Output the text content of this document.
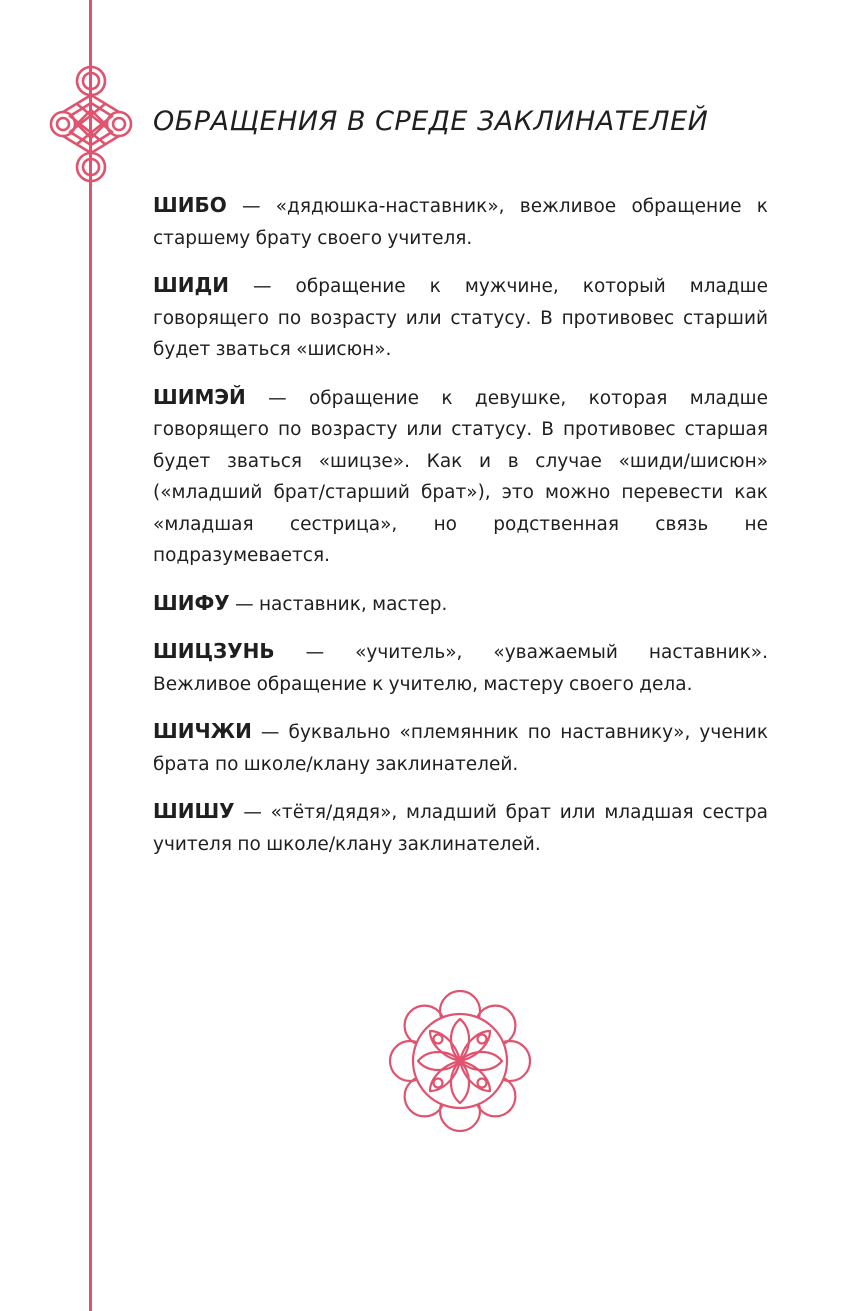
ОБРАЩЕНИЯ В СРЕДЕ ЗАКЛИНАТЕЛЕЙ

ШИБО — «дядюшка-наставник», вежливое обращение к старшему брату своего учителя.

ШИДИ — обращение к мужчине, который младше говорящего по возрасту или статусу. В противовес старший будет зваться «шисюн».

ШИМЭЙ — обращение к девушке, которая младше говорящего по возрасту или статусу. В противовес старшая будет зваться «шицзе». Как и в случае «шиди/шисюн» («младший брат/старший брат»), это можно перевести как «младшая сестрица», но родственная связь не подразумевается.

ШИФУ — наставник, мастер.

ШИЦЗУНЬ — «учитель», «уважаемый наставник». Вежливое обращение к учителю, мастеру своего дела.

ШИЧЖИ — буквально «племянник по наставнику», ученик брата по школе/клану заклинателей.

ШИШУ — «тётя/дядя», младший брат или младшая сестра учителя по школе/клану заклинателей.
